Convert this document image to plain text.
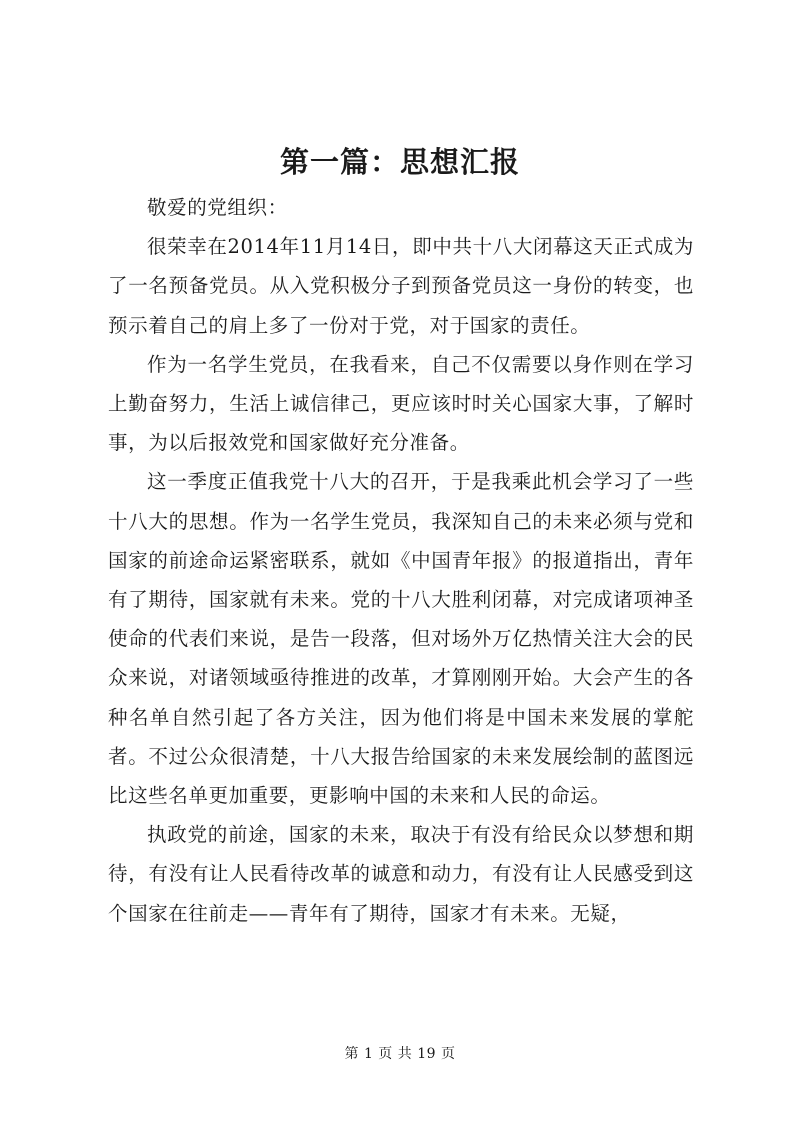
第一篇：思想汇报

敬爱的党组织：

很荣幸在2014年11月14日，即中共十八大闭幕这天正式成为了一名预备党员。从入党积极分子到预备党员这一身份的转变，也预示着自己的肩上多了一份对于党，对于国家的责任。

作为一名学生党员，在我看来，自己不仅需要以身作则在学习上勤奋努力，生活上诚信律己，更应该时时关心国家大事，了解时事，为以后报效党和国家做好充分准备。

这一季度正值我党十八大的召开，于是我乘此机会学习了一些十八大的思想。作为一名学生党员，我深知自己的未来必须与党和国家的前途命运紧密联系，就如《中国青年报》的报道指出，青年有了期待，国家就有未来。党的十八大胜利闭幕，对完成诸项神圣使命的代表们来说，是告一段落，但对场外万亿热情关注大会的民众来说，对诸领域亟待推进的改革，才算刚刚开始。大会产生的各种名单自然引起了各方关注，因为他们将是中国未来发展的掌舵者。不过公众很清楚，十八大报告给国家的未来发展绘制的蓝图远比这些名单更加重要，更影响中国的未来和人民的命运。

执政党的前途，国家的未来，取决于有没有给民众以梦想和期待，有没有让人民看待改革的诚意和动力，有没有让人民感受到这个国家在往前走——青年有了期待，国家才有未来。无疑，

第 1 页 共 19 页
